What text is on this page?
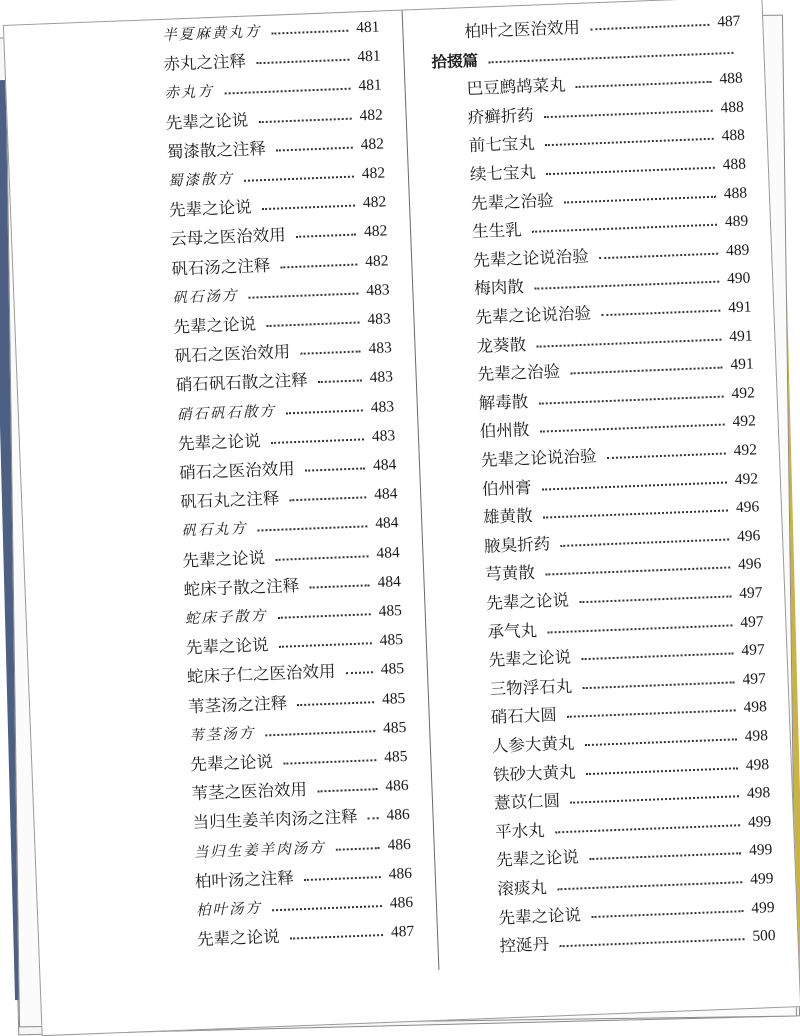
半夏麻黄丸方	481
赤丸之注释	481
赤丸方	481
先辈之论说	482
蜀漆散之注释	482
蜀漆散方	482
先辈之论说	482
云母之医治效用	482
矾石汤之注释	482
矾石汤方	483
先辈之论说	483
矾石之医治效用	483
硝石矾石散之注释	483
硝石矾石散方	483
先辈之论说	483
硝石之医治效用	484
矾石丸之注释	484
矾石丸方	484
先辈之论说	484
蛇床子散之注释	484
蛇床子散方	485
先辈之论说	485
蛇床子仁之医治效用	485
苇茎汤之注释	485
苇茎汤方	485
先辈之论说	485
苇茎之医治效用	486
当归生姜羊肉汤之注释 486
当归生姜羊肉汤方	486
柏叶汤之注释	486
柏叶汤方	486
先辈之论说	487
柏叶之医治效用	487
拾掇篇
巴豆鹧鸪菜丸	488
疥癣折药	488
前七宝丸	488
续七宝丸	488
先辈之治验	488
生生乳	489
先辈之论说治验	489
梅肉散	490
先辈之论说治验	491
龙葵散	491
先辈之治验	491
解毒散	492
伯州散	492
先辈之论说治验	492
伯州膏	492
雄黄散	496
腋臭折药	496
芎黄散	496
先辈之论说	497
承气丸	497
先辈之论说	497
三物浮石丸	497
硝石大圆	498
人参大黄丸	498
铁砂大黄丸	498
薏苡仁圆	498
平水丸	499
先辈之论说	499
滚痰丸	499
先辈之论说	499
控涎丹	500
